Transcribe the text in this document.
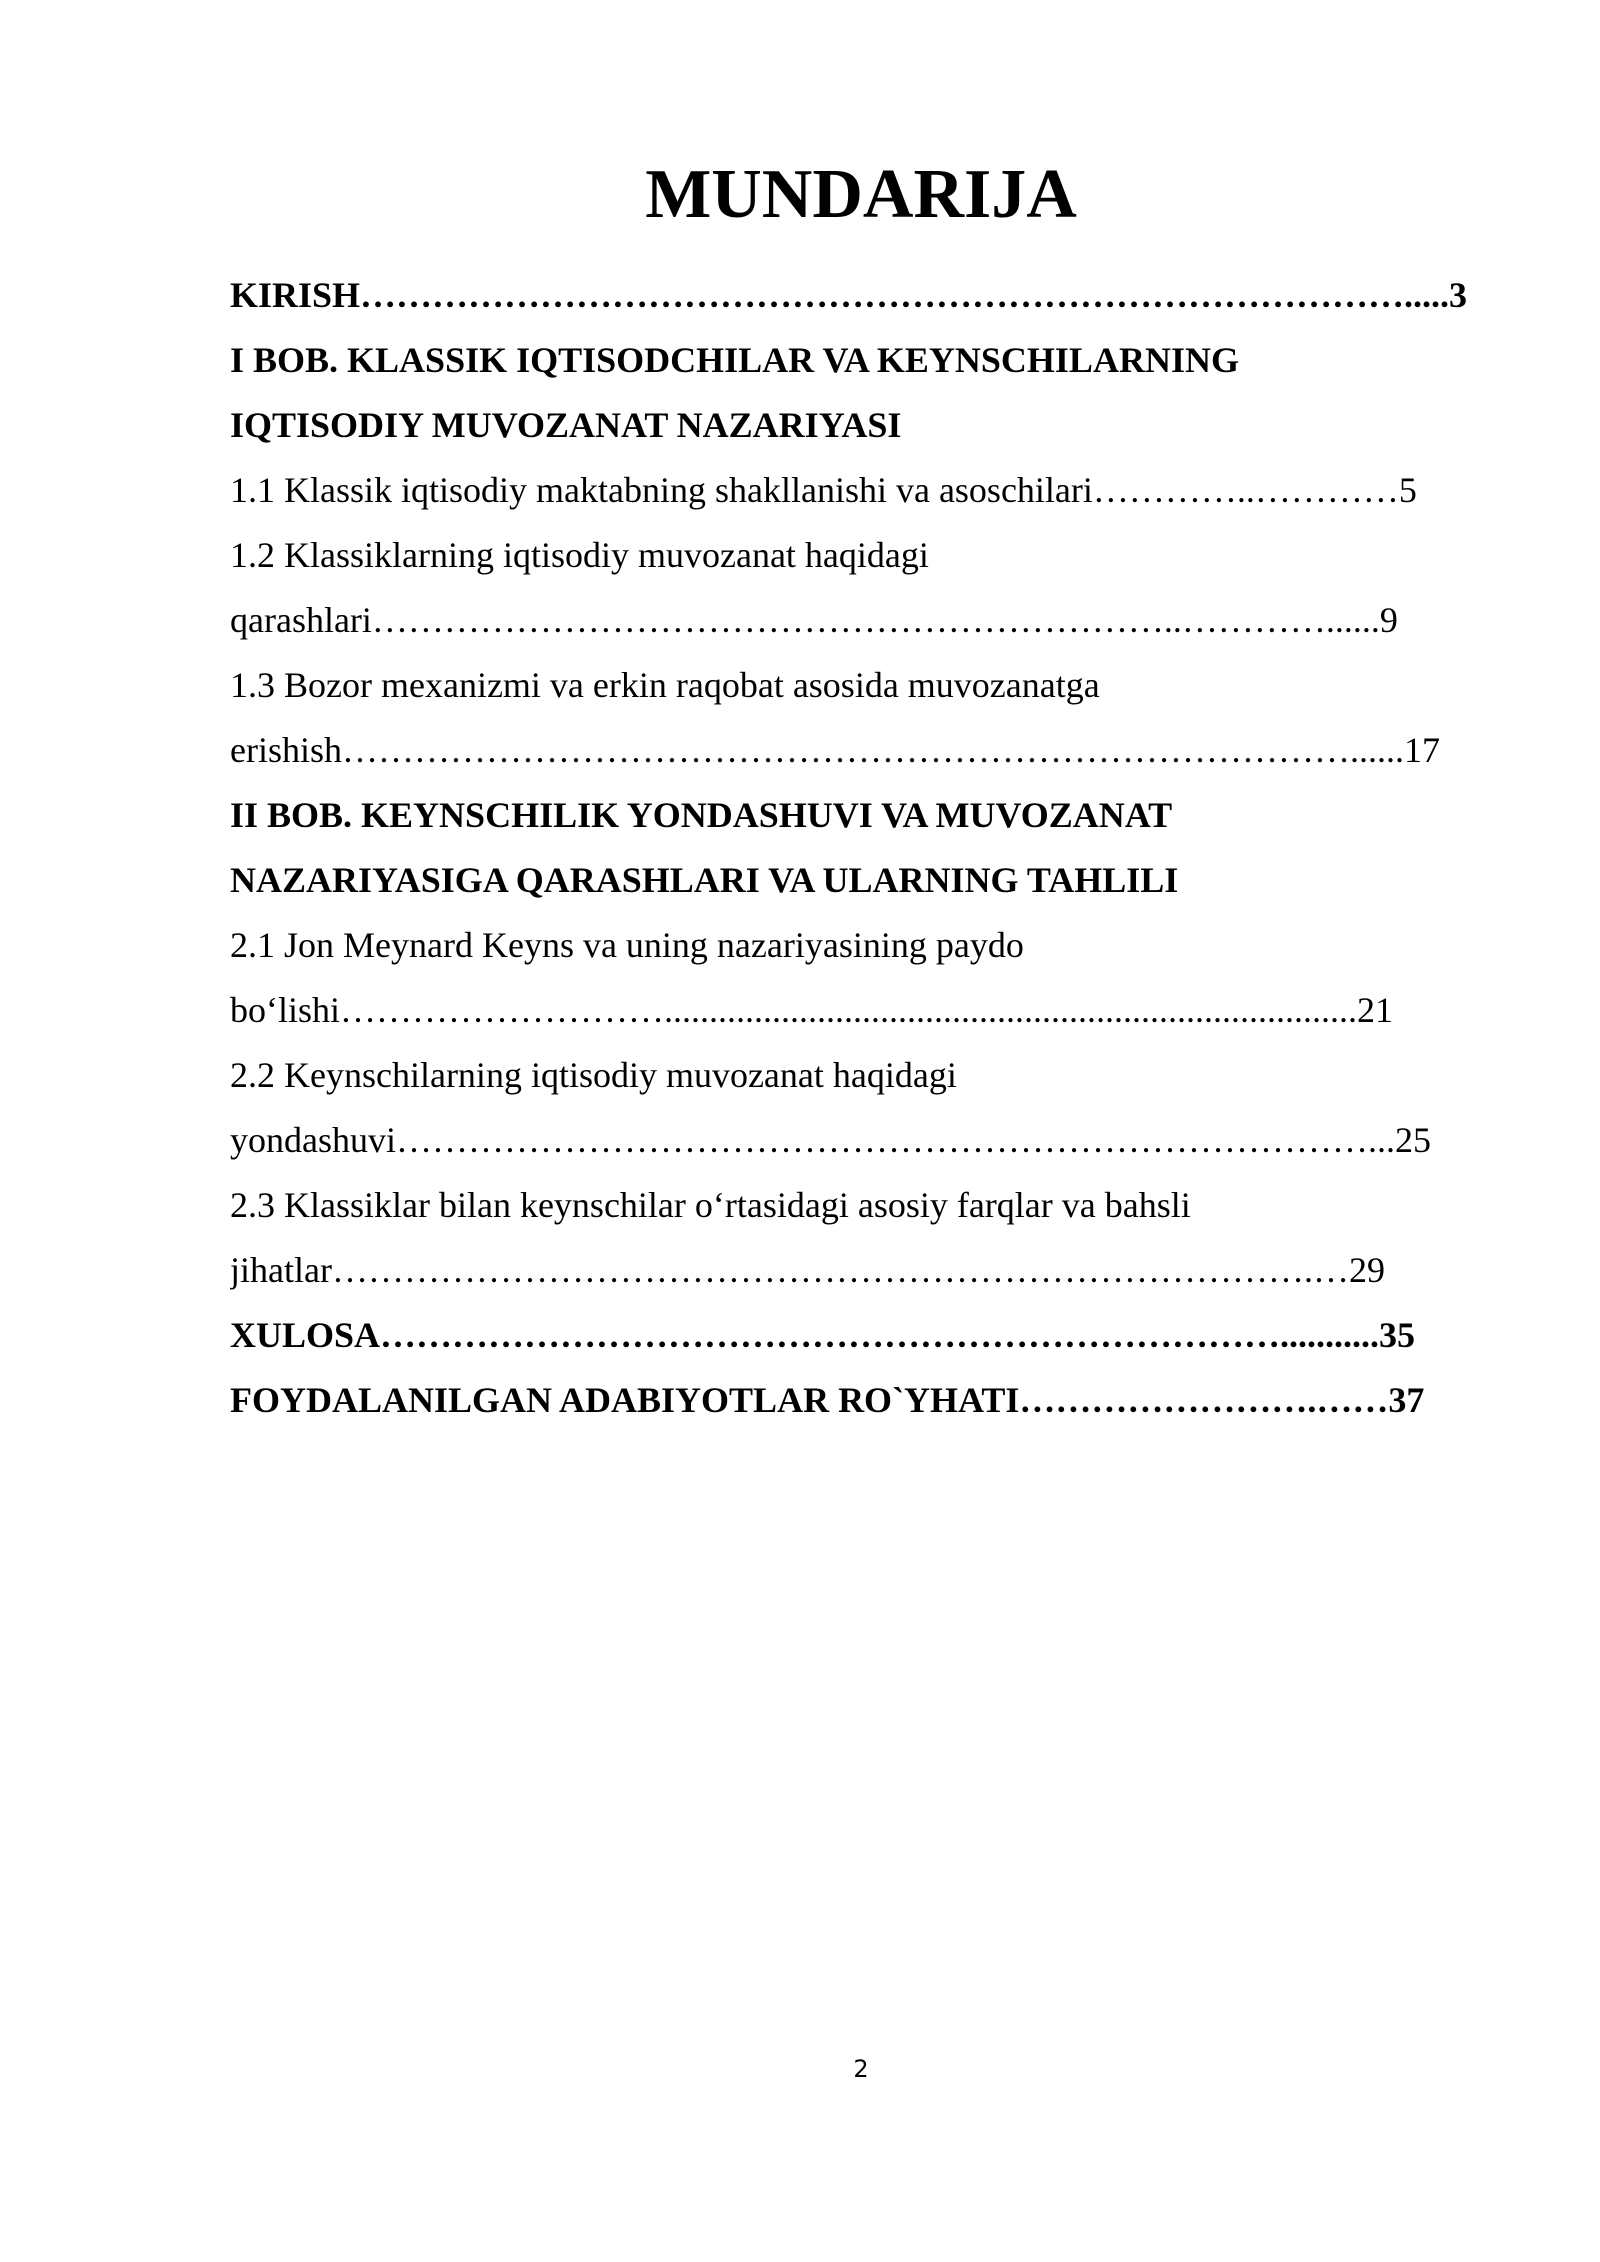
MUNDARIJA
KIRISH…………………………………………………………………………….....3
I BOB. KLASSIK IQTISODCHILAR VA KEYNSCHILARNING
IQTISODIY MUVOZANAT NAZARIYASI
1.1 Klassik iqtisodiy maktabning shakllanishi va asoschilari…………..…………5
1.2 Klassiklarning iqtisodiy muvozanat haqidagi
qarashlari…………………………………………………………..…………......9
1.3 Bozor mexanizmi va erkin raqobat asosida muvozanatga
erishish…………………………………………………………………………......17
II BOB. KEYNSCHILIK YONDASHUVI VA MUVOZANAT
NAZARIYASIGA QARASHLARI VA ULARNING TAHLILI
2.1 Jon Meynard Keyns va uning nazariyasining paydo
bo‘lishi……………………….............................................................................21
2.2 Keynschilarning iqtisodiy muvozanat haqidagi
yondashuvi………………………………………………………………………...25
2.3 Klassiklar bilan keynschilar o‘rtasidagi asosiy farqlar va bahsli
jihatlar……………………………………………………………………….…29
XULOSA…………………………………………………………………...........35
FOYDALANILGAN ADABIYOTLAR RO`YHATI…………………….……37
2
